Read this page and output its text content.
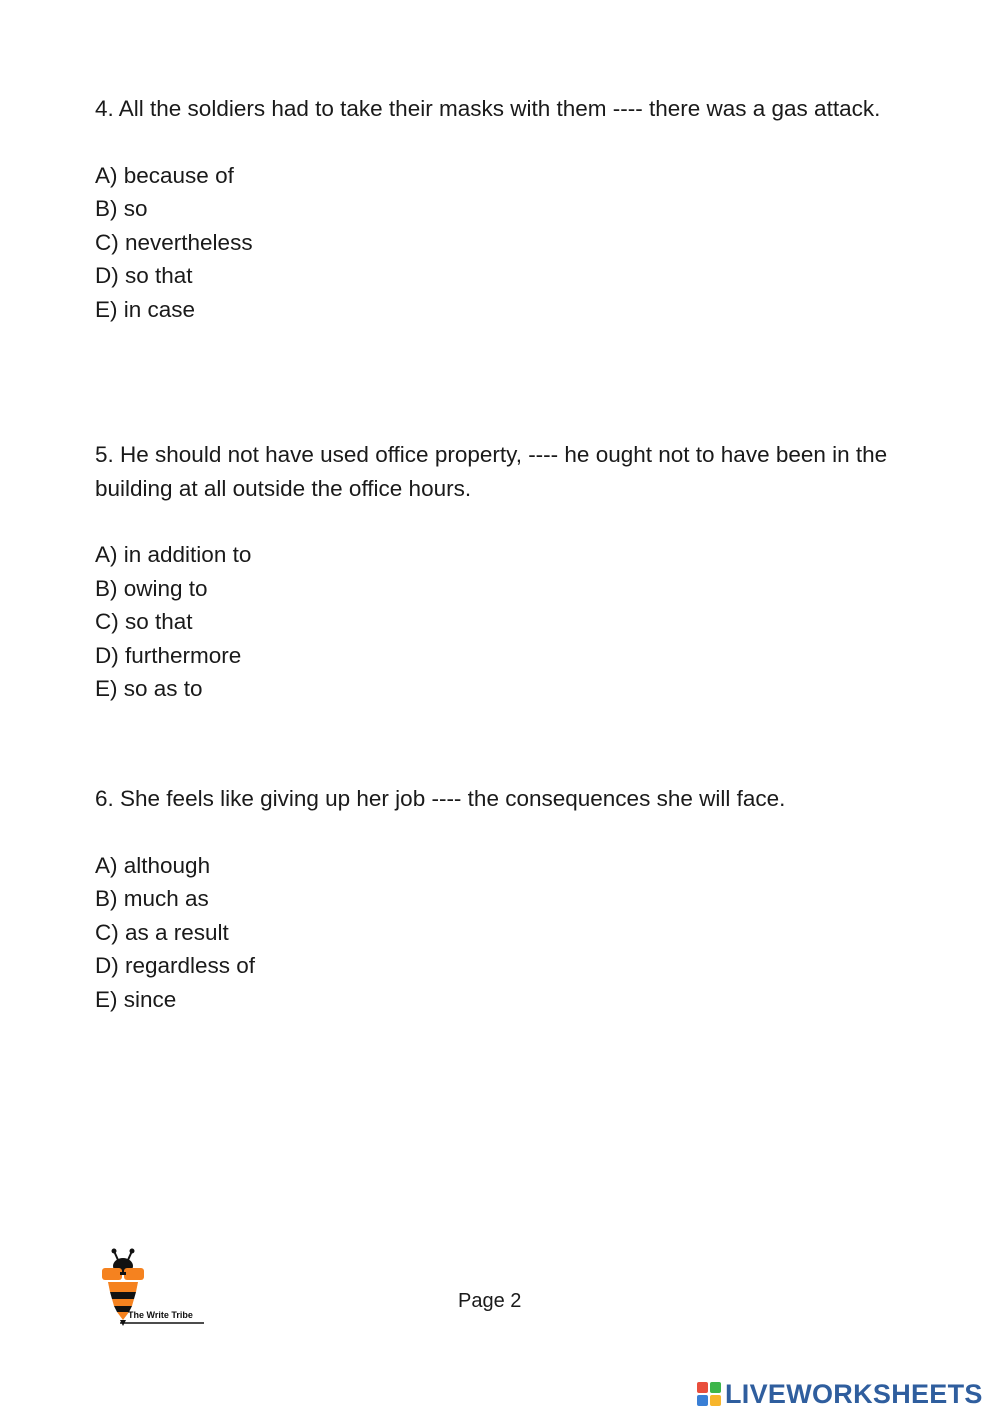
4. All the soldiers had to take their masks with them ---- there was a gas attack.

A) because of
B) so
C) nevertheless
D) so that
E) in case

5. He should not have used office property, ---- he ought not to have been in the building at all outside the office hours.

A) in addition to
B) owing to
C) so that
D) furthermore
E) so as to

6. She feels like giving up her job ---- the consequences she will face.

A) although
B) much as
C) as a result
D) regardless of
E) since
The Write Tribe
Page 2
LIVEWORKSHEETS
